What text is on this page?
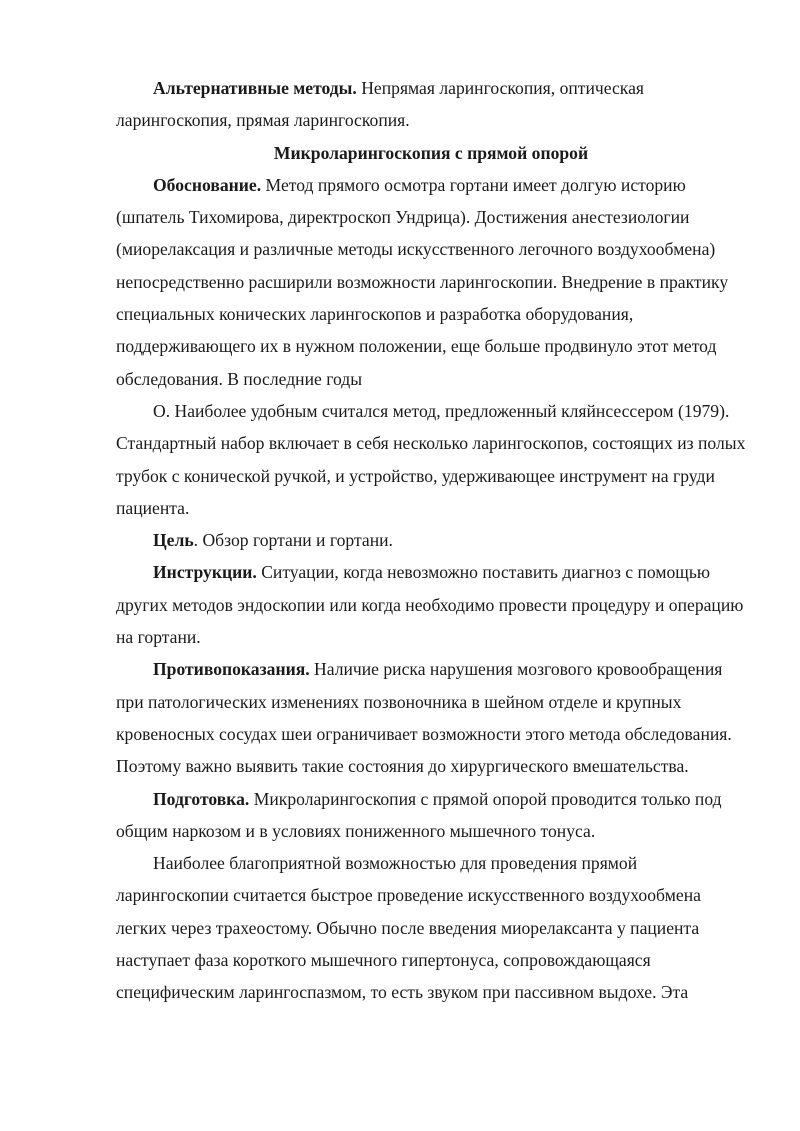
Альтернативные методы. Непрямая ларингоскопия, оптическая ларингоскопия, прямая ларингоскопия.

Микроларингоскопия с прямой опорой

Обоснование. Метод прямого осмотра гортани имеет долгую историю (шпатель Тихомирова, директроскоп Ундрица). Достижения анестезиологии (миорелаксация и различные методы искусственного легочного воздухообмена) непосредственно расширили возможности ларингоскопии. Внедрение в практику специальных конических ларингоскопов и разработка оборудования, поддерживающего их в нужном положении, еще больше продвинуло этот метод обследования. В последние годы

О. Наиболее удобным считался метод, предложенный кляйнсессером (1979). Стандартный набор включает в себя несколько ларингоскопов, состоящих из полых трубок с конической ручкой, и устройство, удерживающее инструмент на груди пациента.

Цель. Обзор гортани и гортани.

Инструкции. Ситуации, когда невозможно поставить диагноз с помощью других методов эндоскопии или когда необходимо провести процедуру и операцию на гортани.

Противопоказания. Наличие риска нарушения мозгового кровообращения при патологических изменениях позвоночника в шейном отделе и крупных кровеносных сосудах шеи ограничивает возможности этого метода обследования. Поэтому важно выявить такие состояния до хирургического вмешательства.

Подготовка. Микроларингоскопия с прямой опорой проводится только под общим наркозом и в условиях пониженного мышечного тонуса.

Наиболее благоприятной возможностью для проведения прямой ларингоскопии считается быстрое проведение искусственного воздухообмена легких через трахеостому. Обычно после введения миорелаксанта у пациента наступает фаза короткого мышечного гипертонуса, сопровождающаяся специфическим ларингоспазмом, то есть звуком при пассивном выдохе. Эта
